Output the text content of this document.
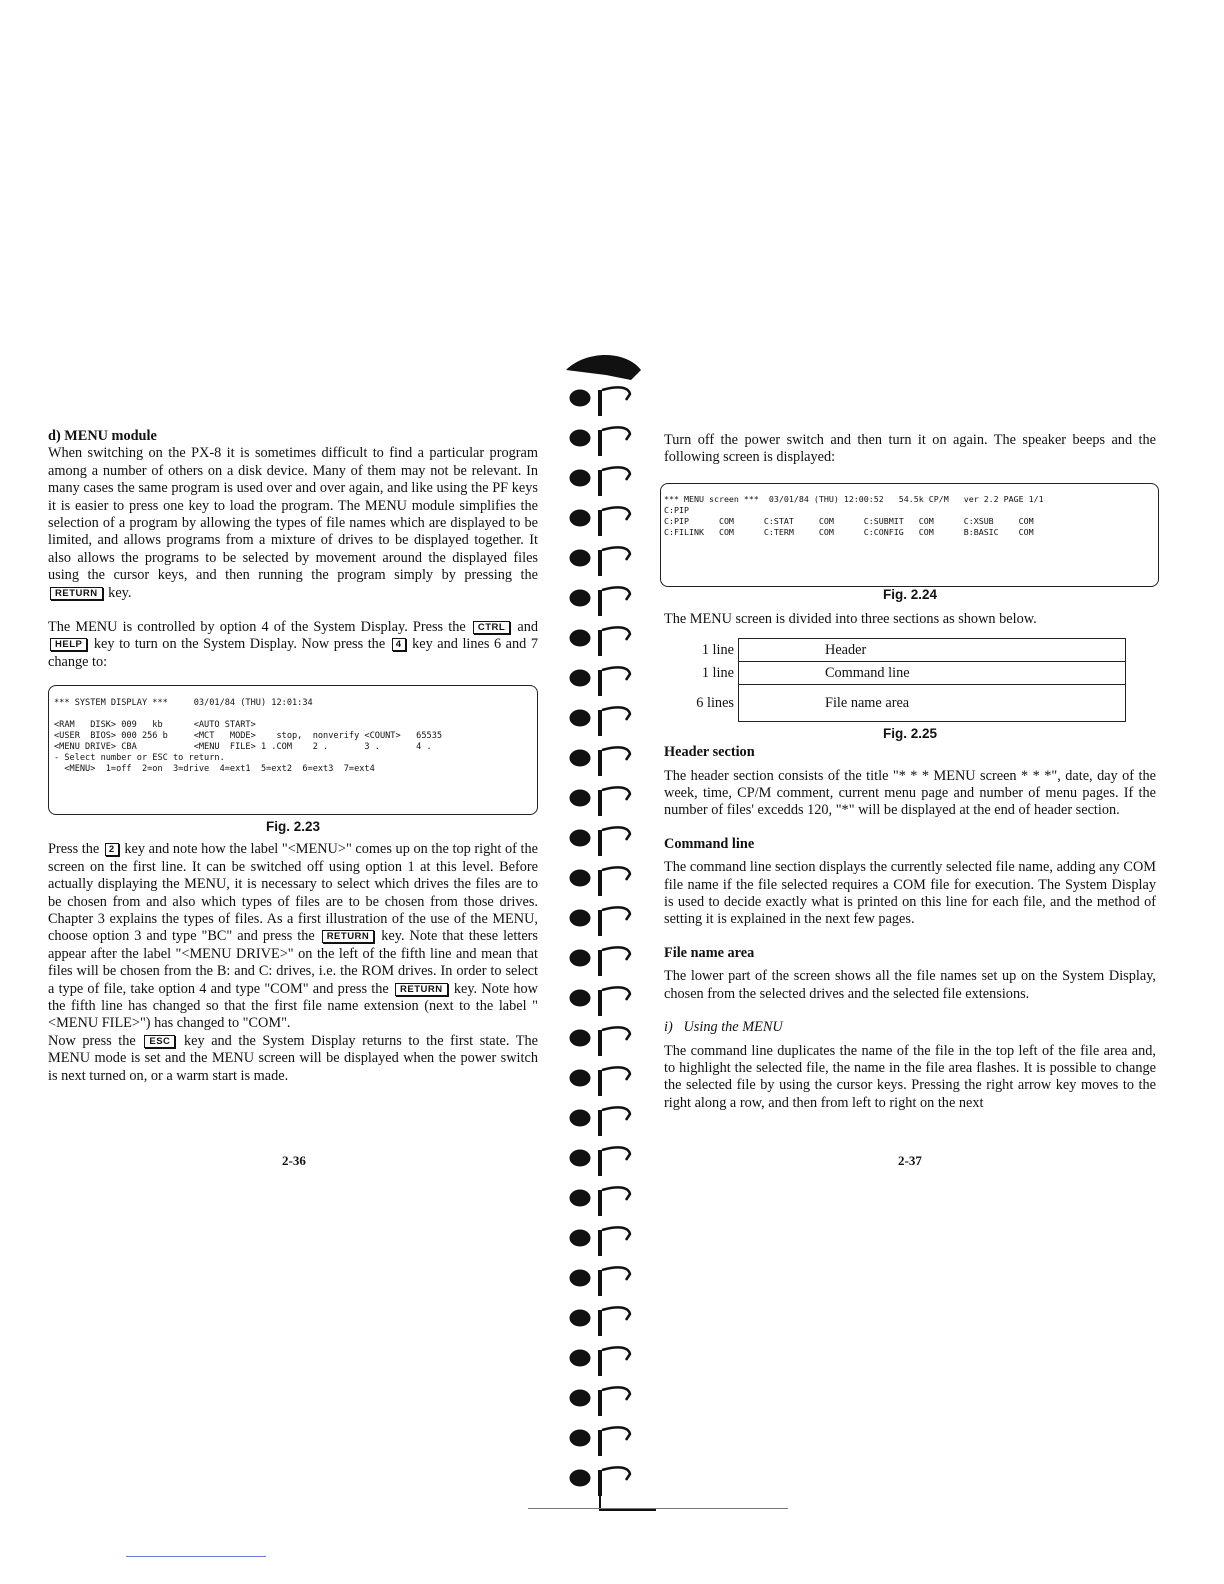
d) MENU module

When switching on the PX-8 it is sometimes difficult to find a particular program among a number of others on a disk device. Many of them may not be relevant. In many cases the same program is used over and over again, and like using the PF keys it is easier to press one key to load the program. The MENU module simplifies the selection of a program by allowing the types of file names which are displayed to be limited, and allows programs from a mixture of drives to be displayed together. It also allows the programs to be selected by movement around the displayed files using the cursor keys, and then running the program simply by pressing the RETURN key.

The MENU is controlled by option 4 of the System Display. Press the CTRL and HELP key to turn on the System Display. Now press the 4 key and lines 6 and 7 change to:

*** SYSTEM DISPLAY ***     03/01/84 (THU) 12:01:34
<RAM   DISK> 009   kb      <AUTO START>
<USER  BIOS> 000 256 b     <MCT   MODE>    stop,  nonverify <COUNT>   65535
<MENU DRIVE> CBA           <MENU  FILE> 1 .COM    2 .       3 .       4 .
- Select number or ESC to return.
<MENU>  1=off  2=on  3=drive  4=ext1  5=ext2  6=ext3  7=ext4

Fig. 2.23

Press the 2 key and note how the label "<MENU>" comes up on the top right of the screen on the first line. It can be switched off using option 1 at this level. Before actually displaying the MENU, it is necessary to select which drives the files are to be chosen from and also which types of files are to be chosen from those drives. Chapter 3 explains the types of files. As a first illustration of the use of the MENU, choose option 3 and type "BC" and press the RETURN key. Note that these letters appear after the label "<MENU DRIVE>" on the left of the fifth line and mean that files will be chosen from the B: and C: drives, i.e. the ROM drives. In order to select a type of file, take option 4 and type "COM" and press the RETURN key. Note how the fifth line has changed so that the first file name extension (next to the label "<MENU FILE>") has changed to "COM".

Now press the ESC key and the System Display returns to the first state. The MENU mode is set and the MENU screen will be displayed when the power switch is next turned on, or a warm start is made.

2-36

Turn off the power switch and then turn it on again. The speaker beeps and the following screen is displayed:

*** MENU screen ***  03/01/84 (THU) 12:00:52   54.5k CP/M   ver 2.2 PAGE 1/1
C:PIP
C:PIP      COM      C:STAT     COM      C:SUBMIT   COM      C:XSUB     COM
C:FILINK   COM      C:TERM     COM      C:CONFIG   COM      B:BASIC    COM

Fig. 2.24

The MENU screen is divided into three sections as shown below.

1 line	Header
1 line	Command line
6 lines	File name area

Fig. 2.25

Header section

The header section consists of the title "* * * MENU screen * * *", date, day of the week, time, CP/M comment, current menu page and number of menu pages. If the number of files' excedds 120, "*" will be displayed at the end of header section.

Command line

The command line section displays the currently selected file name, adding any COM file name if the file selected requires a COM file for execution. The System Display is used to decide exactly what is printed on this line for each file, and the method of setting it is explained in the next few pages.

File name area

The lower part of the screen shows all the file names set up on the System Display, chosen from the selected drives and the selected file extensions.

i)   Using the MENU

The command line duplicates the name of the file in the top left of the file area and, to highlight the selected file, the name in the file area flashes. It is possible to change the selected file by using the cursor keys. Pressing the right arrow key moves to the right along a row, and then from left to right on the next

2-37
